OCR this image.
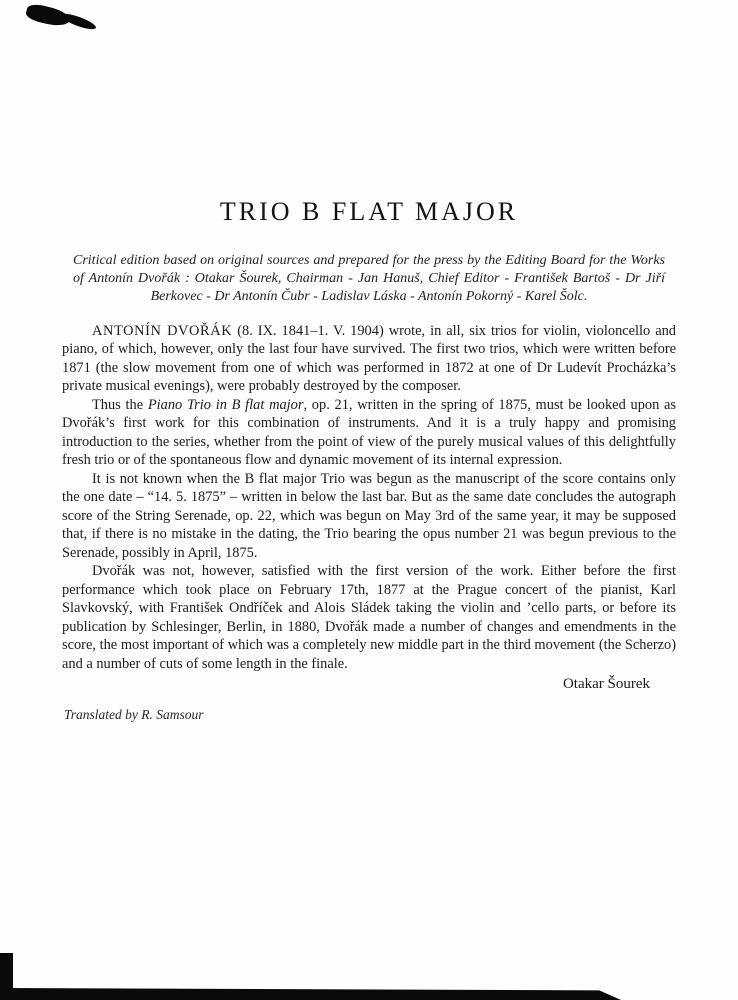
TRIO B FLAT MAJOR
Critical edition based on original sources and prepared for the press by the Editing Board for the Works of Antonín Dvořák : Otakar Šourek, Chairman - Jan Hanuš, Chief Editor - František Bartoš - Dr Jiří Berkovec - Dr Antonín Čubr - Ladislav Láska - Antonín Pokorný - Karel Šolc.

ANTONÍN DVOŘÁK (8. IX. 1841–1. V. 1904) wrote, in all, six trios for violin, violoncello and piano, of which, however, only the last four have survived. The first two trios, which were written before 1871 (the slow movement from one of which was performed in 1872 at one of Dr Ludevít Procházka’s private musical evenings), were probably destroyed by the composer.

Thus the Piano Trio in B flat major, op. 21, written in the spring of 1875, must be looked upon as Dvořák’s first work for this combination of instruments. And it is a truly happy and promising introduction to the series, whether from the point of view of the purely musical values of this delightfully fresh trio or of the spontaneous flow and dynamic movement of its internal expression.

It is not known when the B flat major Trio was begun as the manuscript of the score contains only the one date – “14. 5. 1875” – written in below the last bar. But as the same date concludes the autograph score of the String Serenade, op. 22, which was begun on May 3rd of the same year, it may be supposed that, if there is no mistake in the dating, the Trio bearing the opus number 21 was begun previous to the Serenade, possibly in April, 1875.

Dvořák was not, however, satisfied with the first version of the work. Either before the first performance which took place on February 17th, 1877 at the Prague concert of the pianist, Karl Slavkovský, with František Ondříček and Alois Sládek taking the violin and ’cello parts, or before its publication by Schlesinger, Berlin, in 1880, Dvořák made a number of changes and emendments in the score, the most important of which was a completely new middle part in the third movement (the Scherzo) and a number of cuts of some length in the finale.

Otakar Šourek
Translated by R. Samsour
